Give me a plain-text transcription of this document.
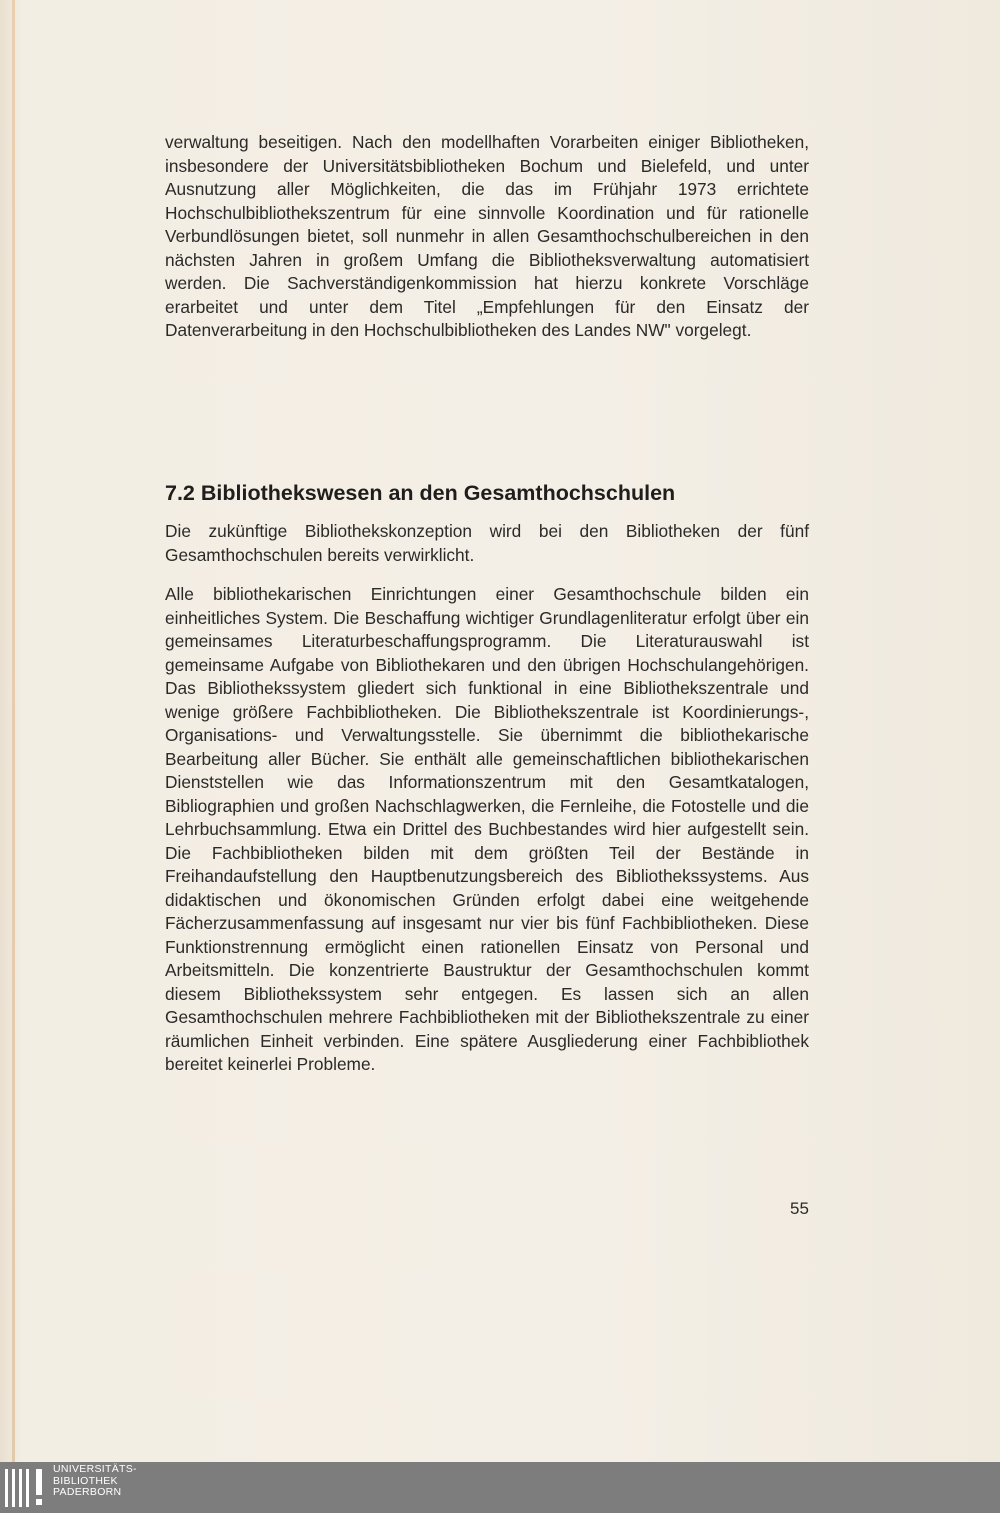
verwaltung beseitigen. Nach den modellhaften Vorarbeiten einiger Bibliotheken, insbesondere der Universitätsbibliotheken Bochum und Bielefeld, und unter Ausnutzung aller Möglichkeiten, die das im Frühjahr 1973 errichtete Hochschulbibliothekszentrum für eine sinnvolle Koordination und für rationelle Verbundlösungen bietet, soll nunmehr in allen Gesamthochschulbereichen in den nächsten Jahren in großem Umfang die Bibliotheksverwaltung automatisiert werden. Die Sachverständigenkommission hat hierzu konkrete Vorschläge erarbeitet und unter dem Titel „Empfehlungen für den Einsatz der Datenverarbeitung in den Hochschulbibliotheken des Landes NW" vorgelegt.

7.2 Bibliothekswesen an den Gesamthochschulen

Die zukünftige Bibliothekskonzeption wird bei den Bibliotheken der fünf Gesamthochschulen bereits verwirklicht.

Alle bibliothekarischen Einrichtungen einer Gesamthochschule bilden ein einheitliches System. Die Beschaffung wichtiger Grundlagenliteratur erfolgt über ein gemeinsames Literaturbeschaffungsprogramm. Die Literaturauswahl ist gemeinsame Aufgabe von Bibliothekaren und den übrigen Hochschulangehörigen. Das Bibliothekssystem gliedert sich funktional in eine Bibliothekszentrale und wenige größere Fachbibliotheken. Die Bibliothekszentrale ist Koordinierungs-, Organisations- und Verwaltungsstelle. Sie übernimmt die bibliothekarische Bearbeitung aller Bücher. Sie enthält alle gemeinschaftlichen bibliothekarischen Dienststellen wie das Informationszentrum mit den Gesamtkatalogen, Bibliographien und großen Nachschlagwerken, die Fernleihe, die Fotostelle und die Lehrbuchsammlung. Etwa ein Drittel des Buchbestandes wird hier aufgestellt sein. Die Fachbibliotheken bilden mit dem größten Teil der Bestände in Freihandaufstellung den Hauptbenutzungsbereich des Bibliothekssystems. Aus didaktischen und ökonomischen Gründen erfolgt dabei eine weitgehende Fächerzusammenfassung auf insgesamt nur vier bis fünf Fachbibliotheken. Diese Funktionstrennung ermöglicht einen rationellen Einsatz von Personal und Arbeitsmitteln. Die konzentrierte Baustruktur der Gesamthochschulen kommt diesem Bibliothekssystem sehr entgegen. Es lassen sich an allen Gesamthochschulen mehrere Fachbibliotheken mit der Bibliothekszentrale zu einer räumlichen Einheit verbinden. Eine spätere Ausgliederung einer Fachbibliothek bereitet keinerlei Probleme.

55
UNIVERSITÄTS-
BIBLIOTHEK
PADERBORN
